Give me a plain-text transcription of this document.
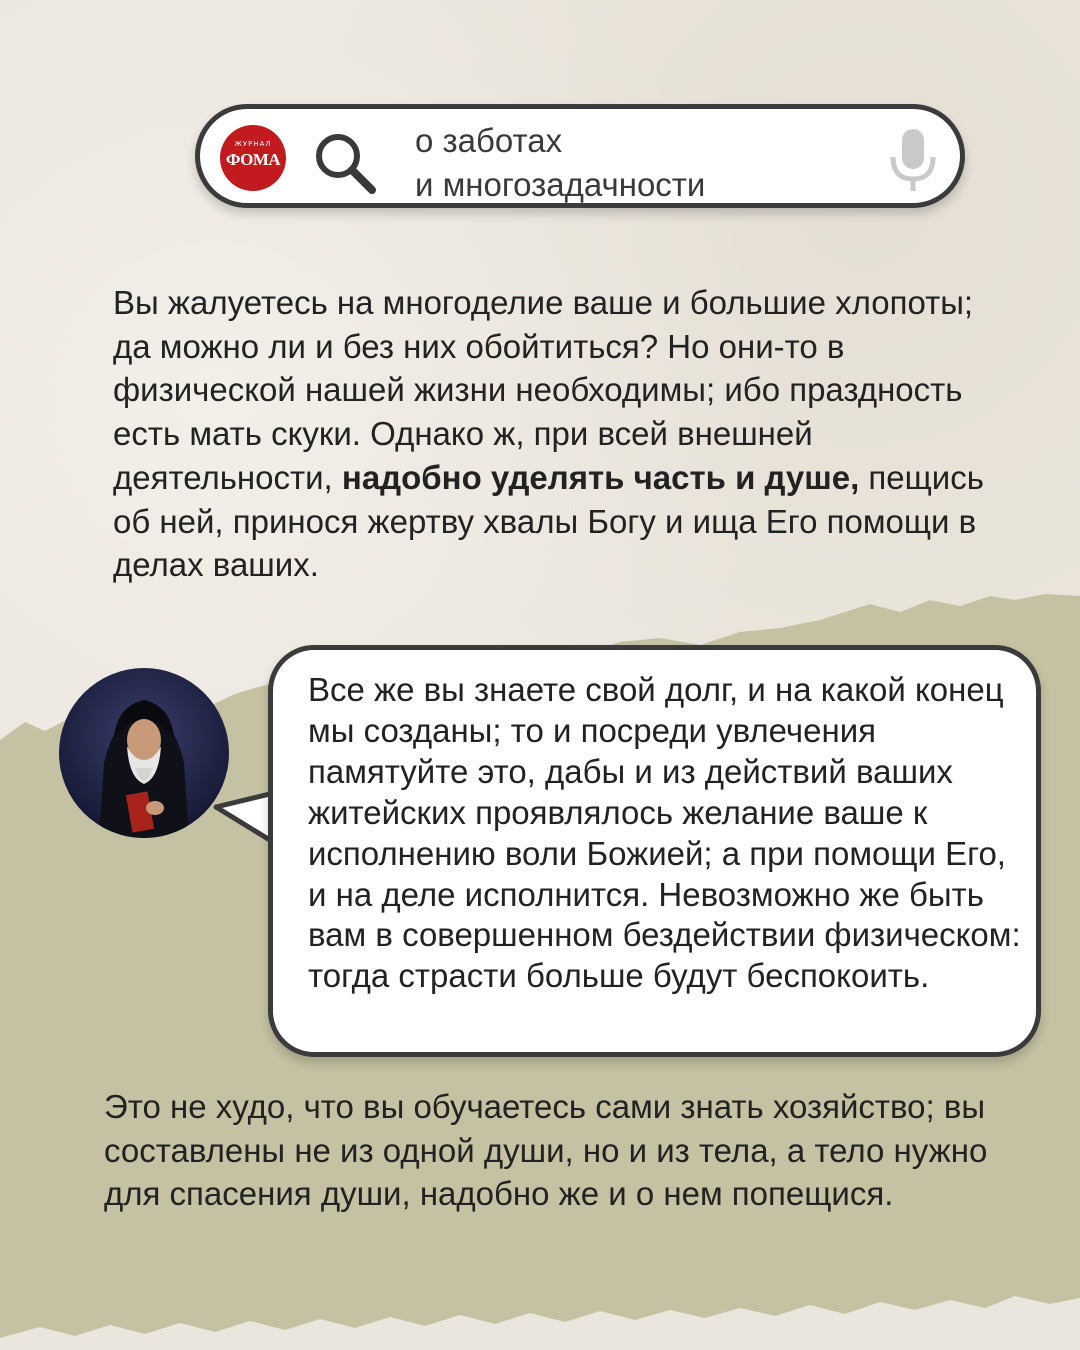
ЖУРНАЛ
ФОМА
о заботах
и многозадачности

Вы жалуетесь на многоделие ваше и большие хлопоты; да можно ли и без них обойтиться? Но они-то в физической нашей жизни необходимы; ибо праздность есть мать скуки. Однако ж, при всей внешней деятельности, надобно уделять часть и душе, пещись об ней, принося жертву хвалы Богу и ища Его помощи в делах ваших.

Все же вы знаете свой долг, и на какой конец мы созданы; то и посреди увлечения памятуйте это, дабы и из действий ваших житейских проявлялось желание ваше к исполнению воли Божией; а при помощи Его, и на деле исполнится. Невозможно же быть вам в совершенном бездействии физическом: тогда страсти больше будут беспокоить.

Это не худо, что вы обучаетесь сами знать хозяйство; вы составлены не из одной души, но и из тела, а тело нужно для спасения души, надобно же и о нем попещися.
